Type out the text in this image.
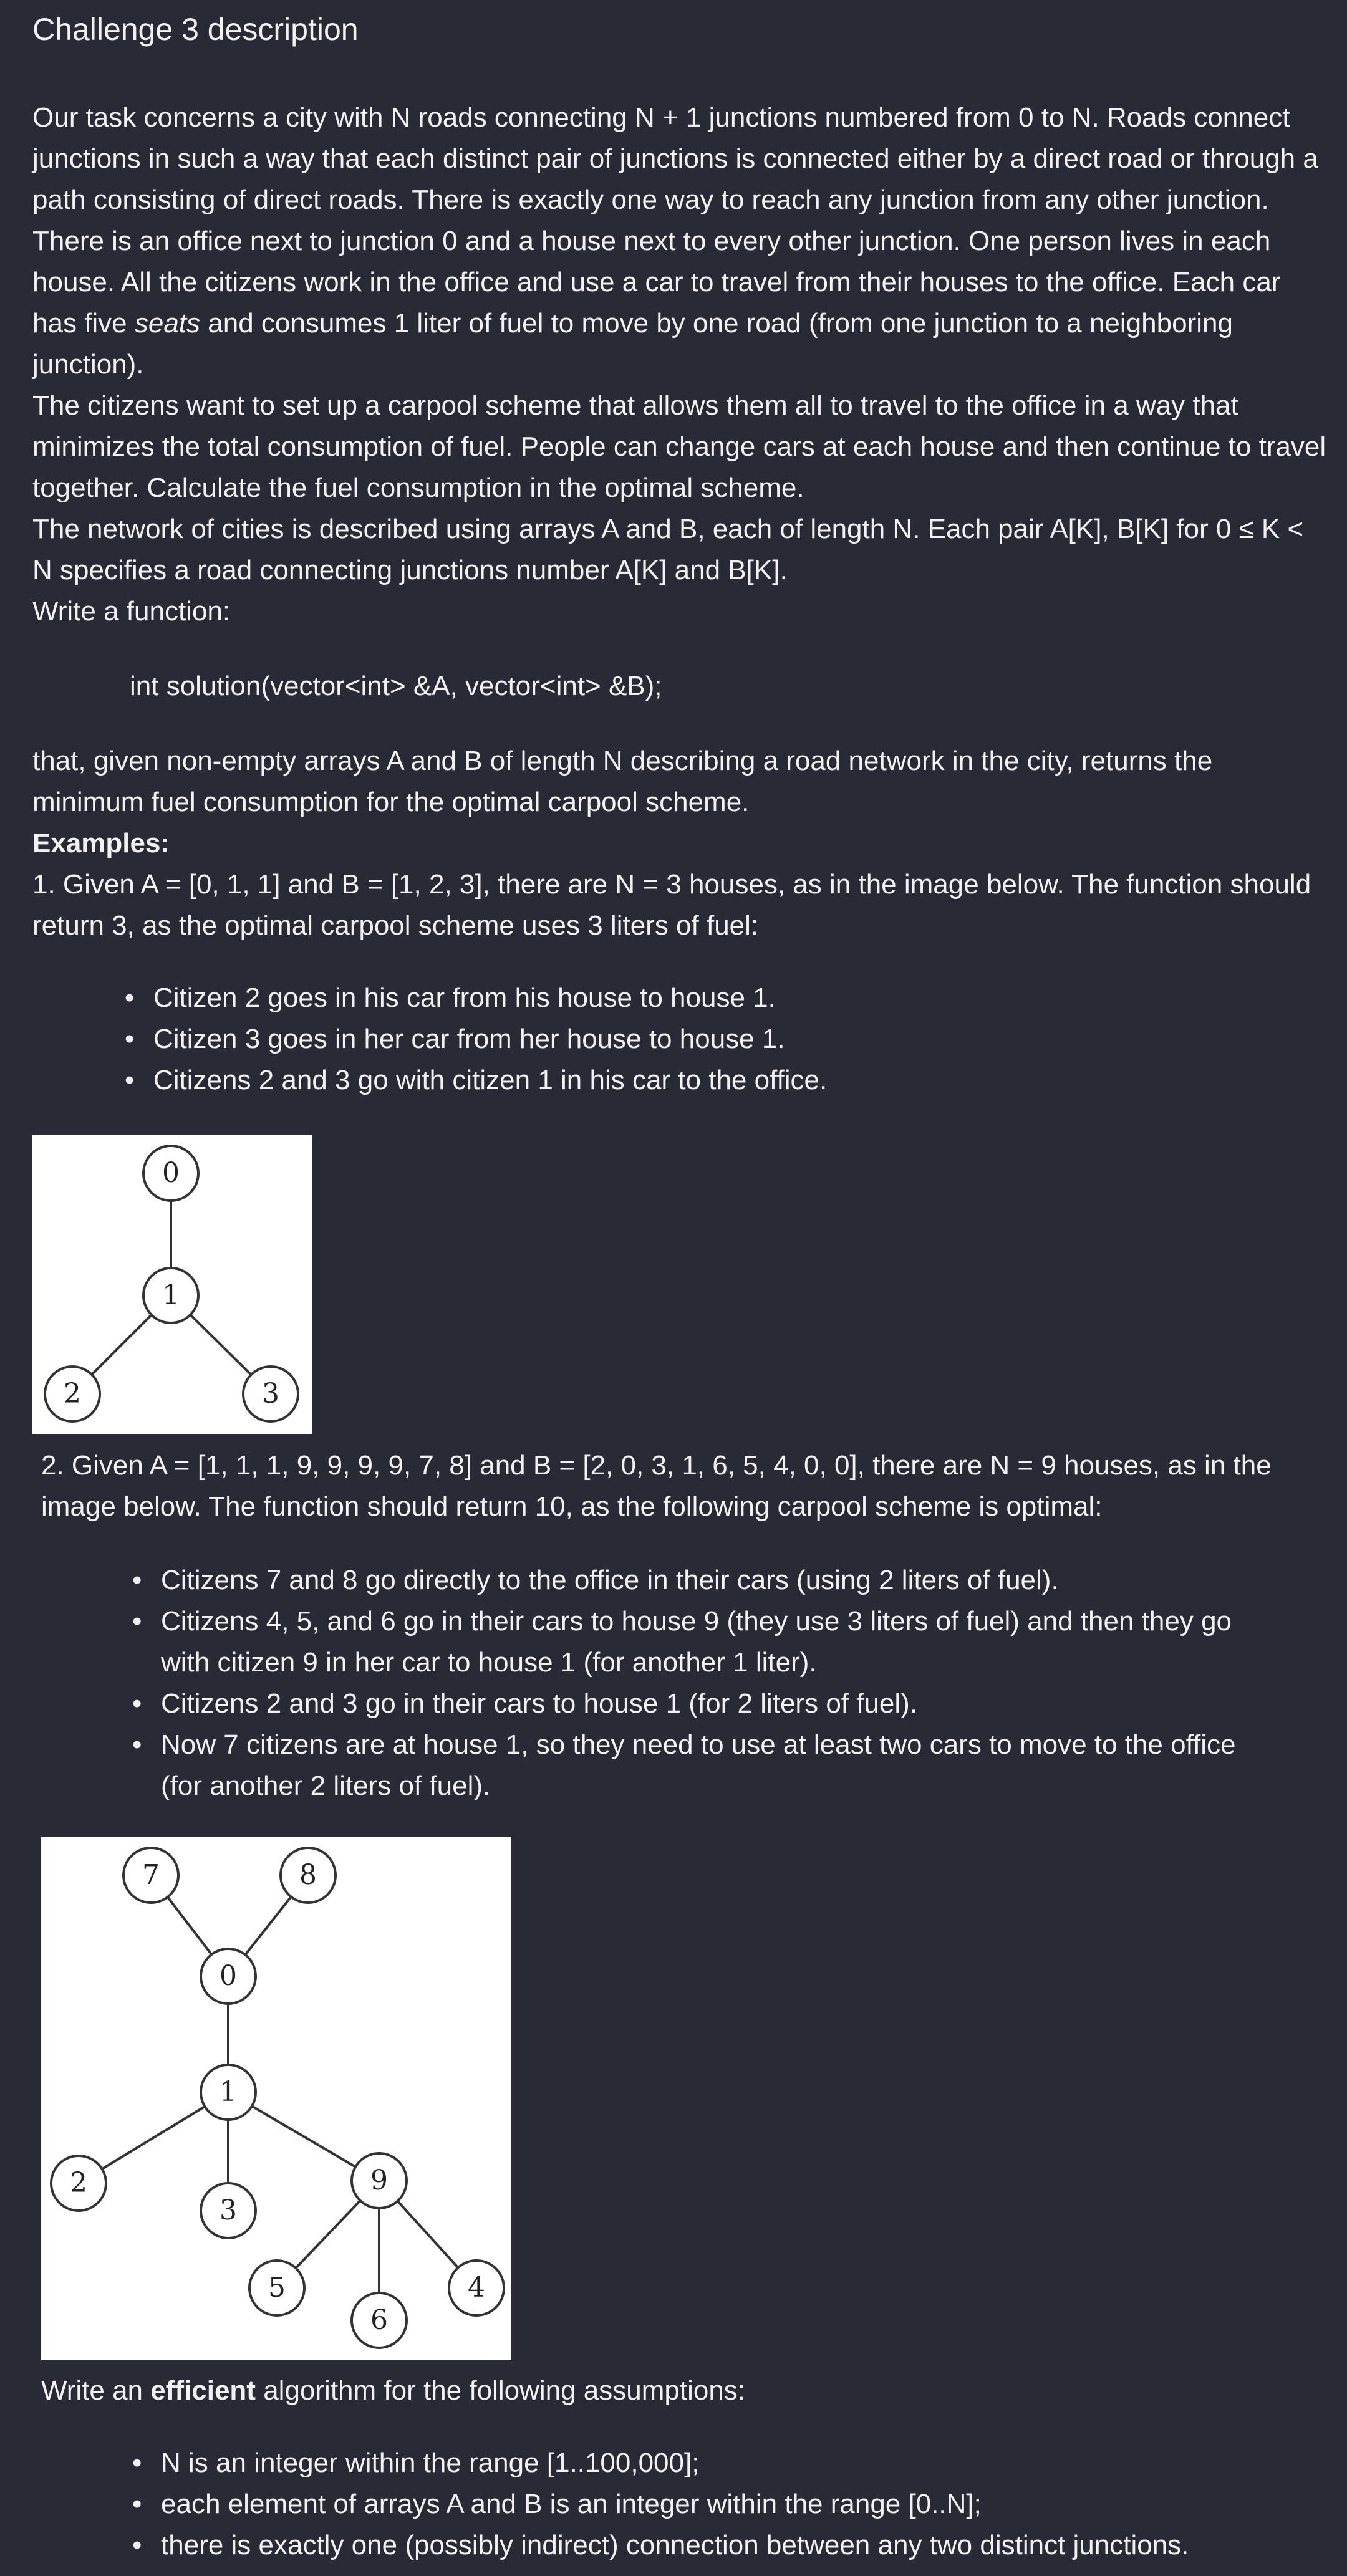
Challenge 3 description

Our task concerns a city with N roads connecting N + 1 junctions numbered from 0 to N. Roads connect junctions in such a way that each distinct pair of junctions is connected either by a direct road or through a path consisting of direct roads. There is exactly one way to reach any junction from any other junction. There is an office next to junction 0 and a house next to every other junction. One person lives in each house. All the citizens work in the office and use a car to travel from their houses to the office. Each car has five seats and consumes 1 liter of fuel to move by one road (from one junction to a neighboring junction).

The citizens want to set up a carpool scheme that allows them all to travel to the office in a way that minimizes the total consumption of fuel. People can change cars at each house and then continue to travel together. Calculate the fuel consumption in the optimal scheme.

The network of cities is described using arrays A and B, each of length N. Each pair A[K], B[K] for 0 ≤ K < N specifies a road connecting junctions number A[K] and B[K].

Write a function:

int solution(vector<int> &A, vector<int> &B);

that, given non-empty arrays A and B of length N describing a road network in the city, returns the minimum fuel consumption for the optimal carpool scheme.

Examples:

1. Given A = [0, 1, 1] and B = [1, 2, 3], there are N = 3 houses, as in the image below. The function should return 3, as the optimal carpool scheme uses 3 liters of fuel:

• Citizen 2 goes in his car from his house to house 1.
• Citizen 3 goes in her car from her house to house 1.
• Citizens 2 and 3 go with citizen 1 in his car to the office.
0
1
2	3

2. Given A = [1, 1, 1, 9, 9, 9, 9, 7, 8] and B = [2, 0, 3, 1, 6, 5, 4, 0, 0], there are N = 9 houses, as in the image below. The function should return 10, as the following carpool scheme is optimal:

• Citizens 7 and 8 go directly to the office in their cars (using 2 liters of fuel).
• Citizens 4, 5, and 6 go in their cars to house 9 (they use 3 liters of fuel) and then they go with citizen 9 in her car to house 1 (for another 1 liter).
• Citizens 2 and 3 go in their cars to house 1 (for 2 liters of fuel).
• Now 7 citizens are at house 1, so they need to use at least two cars to move to the office (for another 2 liters of fuel).
7	8
0
1
2
3
9
5
6
4

Write an efficient algorithm for the following assumptions:

• N is an integer within the range [1..100,000];
• each element of arrays A and B is an integer within the range [0..N];
• there is exactly one (possibly indirect) connection between any two distinct junctions.
